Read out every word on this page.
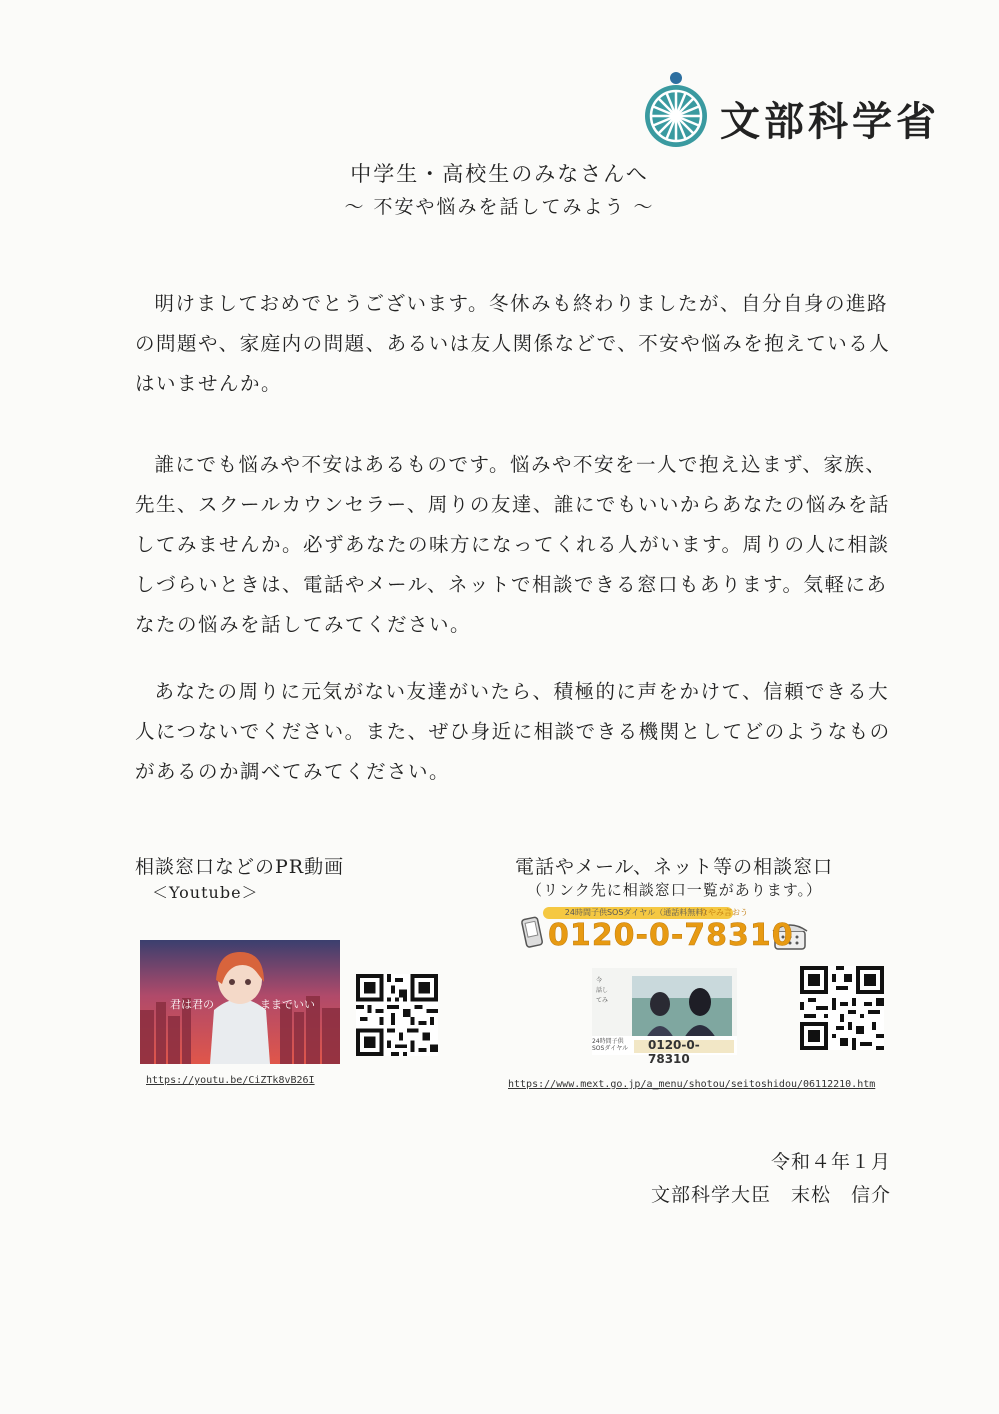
文部科学省
中学生・高校生のみなさんへ
〜 不安や悩みを話してみよう 〜

明けましておめでとうございます。冬休みも終わりましたが、自分自身の進路の問題や、家庭内の問題、あるいは友人関係などで、不安や悩みを抱えている人はいませんか。

誰にでも悩みや不安はあるものです。悩みや不安を一人で抱え込まず、家族、先生、スクールカウンセラー、周りの友達、誰にでもいいからあなたの悩みを話してみませんか。必ずあなたの味方になってくれる人がいます。周りの人に相談しづらいときは、電話やメール、ネットで相談できる窓口もあります。気軽にあなたの悩みを話してみてください。

あなたの周りに元気がない友達がいたら、積極的に声をかけて、信頼できる大人につないでください。また、ぜひ身近に相談できる機関としてどのようなものがあるのか調べてみてください。

相談窓口などのPR動画
＜Youtube＞
君は君の	ままでいい
https://youtu.be/CiZTk8vB26I
電話やメール、ネット等の相談窓口
（リンク先に相談窓口一覧があります。）
24時間子供SOSダイヤル（通話料無料）
0120-0-78310
なやみ言おう
今
話し
てみ
24時間子供
SOSダイヤル	0120-0-78310
https://www.mext.go.jp/a_menu/shotou/seitoshidou/06112210.htm
令和４年１月
文部科学大臣　末松　信介
